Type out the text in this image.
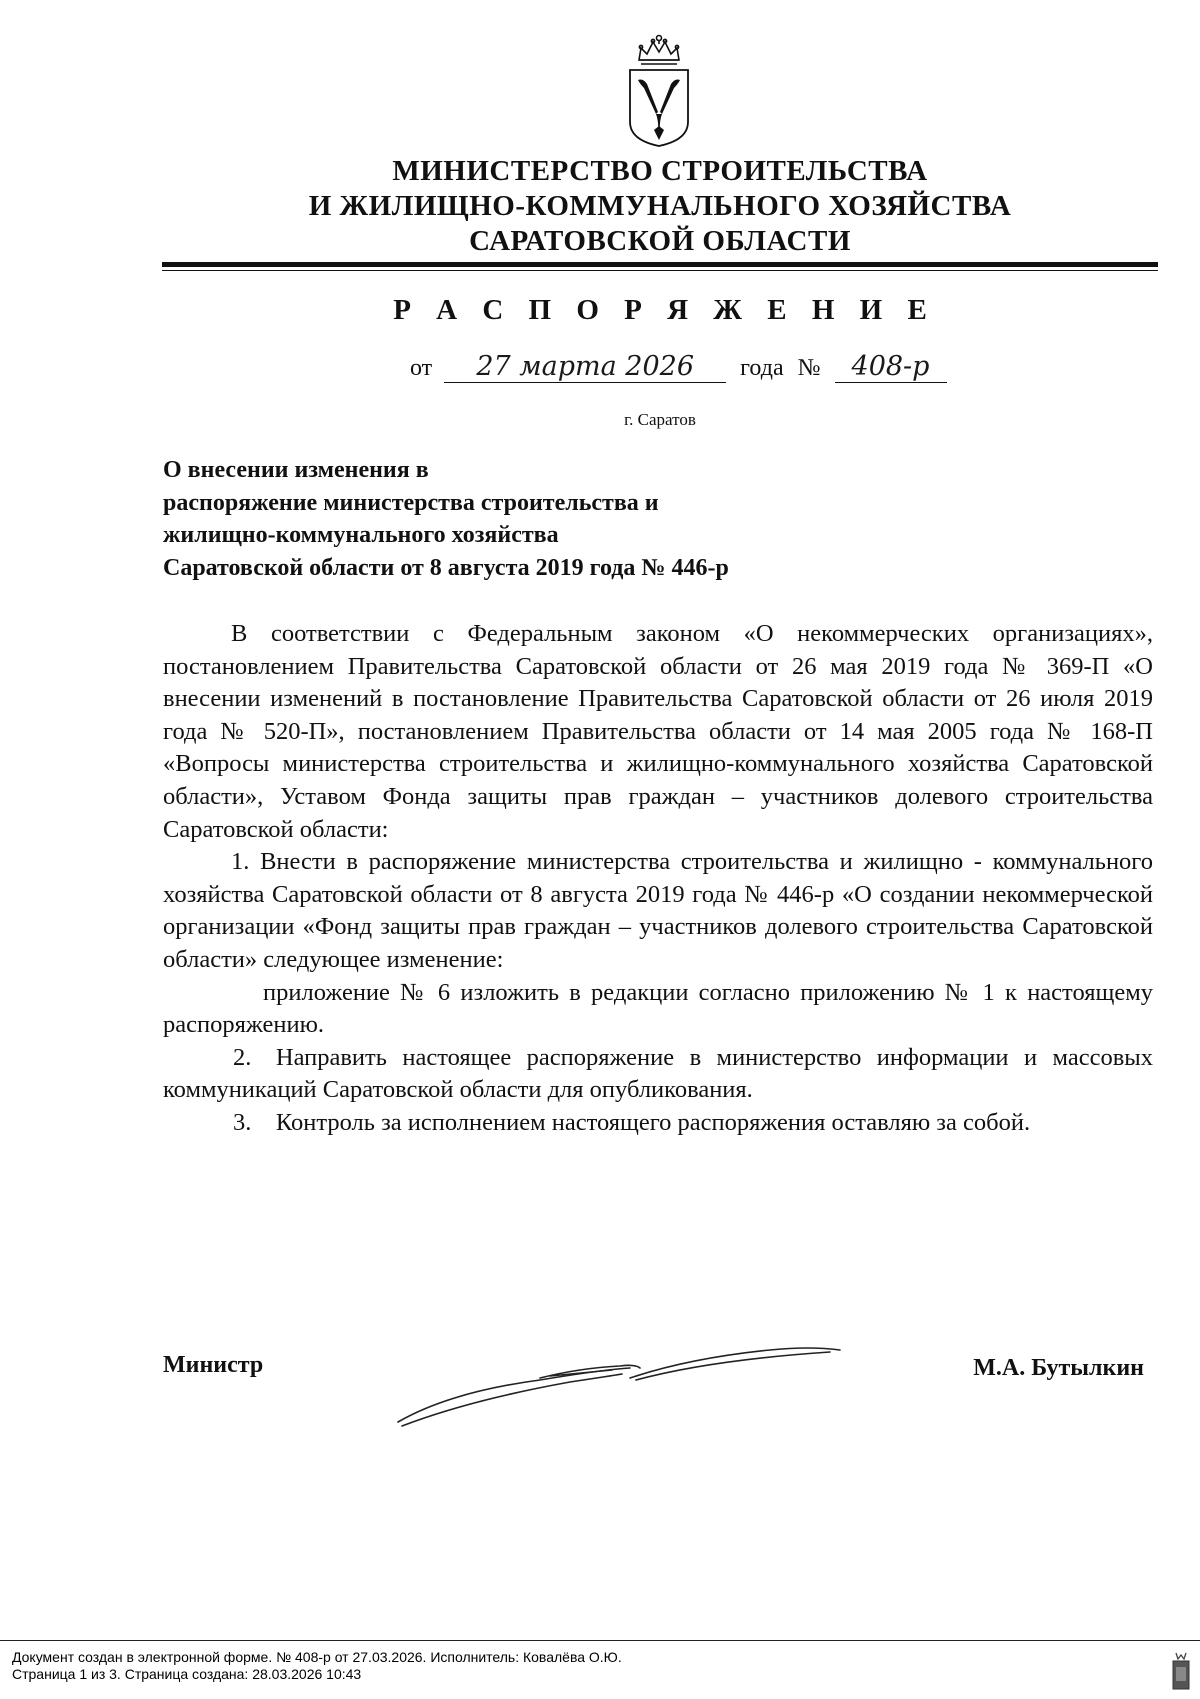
МИНИСТЕРСТВО СТРОИТЕЛЬСТВА
И ЖИЛИЩНО-КОММУНАЛЬНОГО ХОЗЯЙСТВА
САРАТОВСКОЙ ОБЛАСТИ
Р А С П О Р Я Ж Е Н И Е
от 27 марта 2026 года № 408-р
г. Саратов
О внесении изменения в
распоряжение министерства строительства и
жилищно-коммунального хозяйства
Саратовской области от 8 августа 2019 года № 446-р

В соответствии с Федеральным законом «О некоммерческих организациях», постановлением Правительства Саратовской области от 26 мая 2019 года № 369-П «О внесении изменений в постановление Правительства Саратовской области от 26 июля 2019 года № 520-П», постановлением Правительства области от 14 мая 2005 года № 168-П «Вопросы министерства строительства и жилищно-коммунального хозяйства Саратовской области», Уставом Фонда защиты прав граждан – участников долевого строительства Саратовской области:

1. Внести в распоряжение министерства строительства и жилищно - коммунального хозяйства Саратовской области от 8 августа 2019 года № 446-р «О создании некоммерческой организации «Фонд защиты прав граждан – участников долевого строительства Саратовской области» следующее изменение:

приложение № 6 изложить в редакции согласно приложению № 1 к настоящему распоряжению.

2. Направить настоящее распоряжение в министерство информации и массовых коммуникаций Саратовской области для опубликования.

3. Контроль за исполнением настоящего распоряжения оставляю за собой.

Министр	М.А. Бутылкин
Документ создан в электронной форме. № 408-р от 27.03.2026. Исполнитель: Ковалёва О.Ю.
Страница 1 из 3. Страница создана: 28.03.2026 10:43
